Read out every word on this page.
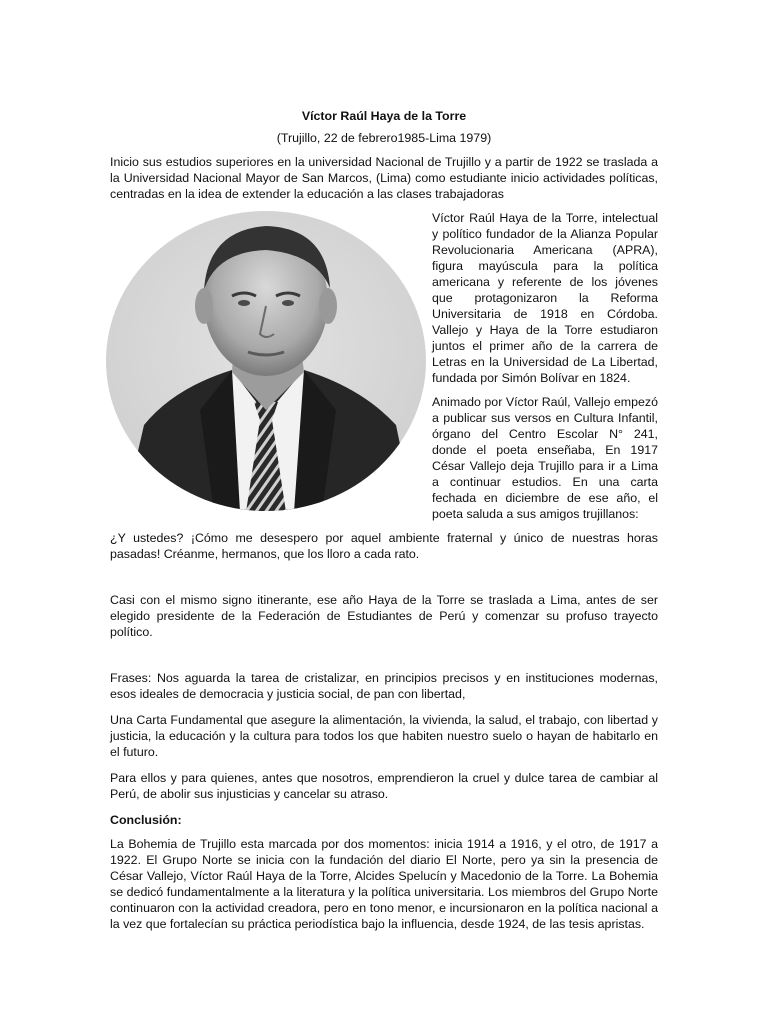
Víctor Raúl Haya de la Torre

(Trujillo, 22 de febrero1985-Lima 1979)

Inicio sus estudios superiores en la universidad Nacional de Trujillo y a partir de 1922 se traslada a la Universidad Nacional Mayor de San Marcos, (Lima) como estudiante inicio actividades políticas, centradas en la idea de extender la educación a las clases trabajadoras

Víctor Raúl Haya de la Torre, intelectual y político fundador de la Alianza Popular Revolucionaria Americana (APRA), figura mayúscula para la política americana y referente de los jóvenes que protagonizaron la Reforma Universitaria de 1918 en Córdoba. Vallejo y Haya de la Torre estudiaron juntos el primer año de la carrera de Letras en la Universidad de La Libertad, fundada por Simón Bolívar en 1824.

Animado por Víctor Raúl, Vallejo empezó a publicar sus versos en Cultura Infantil, órgano del Centro Escolar N° 241, donde el poeta enseñaba, En 1917 César Vallejo deja Trujillo para ir a Lima a continuar estudios. En una carta fechada en diciembre de ese año, el poeta saluda a sus amigos trujillanos:

¿Y ustedes? ¡Cómo me desespero por aquel ambiente fraternal y único de nuestras horas pasadas! Créanme, hermanos, que los lloro a cada rato.

Casi con el mismo signo itinerante, ese año Haya de la Torre se traslada a Lima, antes de ser elegido presidente de la Federación de Estudiantes de Perú y comenzar su profuso trayecto político.

Frases: Nos aguarda la tarea de cristalizar, en principios precisos y en instituciones modernas, esos ideales de democracia y justicia social, de pan con libertad,

Una Carta Fundamental que asegure la alimentación, la vivienda, la salud, el trabajo, con libertad y justicia, la educación y la cultura para todos los que habiten nuestro suelo o hayan de habitarlo en el futuro.

Para ellos y para quienes, antes que nosotros, emprendieron la cruel y dulce tarea de cambiar al Perú, de abolir sus injusticias y cancelar su atraso.

Conclusión:

La Bohemia de Trujillo esta marcada por dos momentos: inicia 1914 a 1916, y el otro, de 1917 a 1922. El Grupo Norte se inicia con la fundación del diario El Norte, pero ya sin la presencia de César Vallejo, Víctor Raúl Haya de la Torre, Alcides Spelucín y Macedonio de la Torre. La Bohemia se dedicó fundamentalmente a la literatura y la política universitaria. Los miembros del Grupo Norte continuaron con la actividad creadora, pero en tono menor, e incursionaron en la política nacional a la vez que fortalecían su práctica periodística bajo la influencia, desde 1924, de las tesis apristas.
